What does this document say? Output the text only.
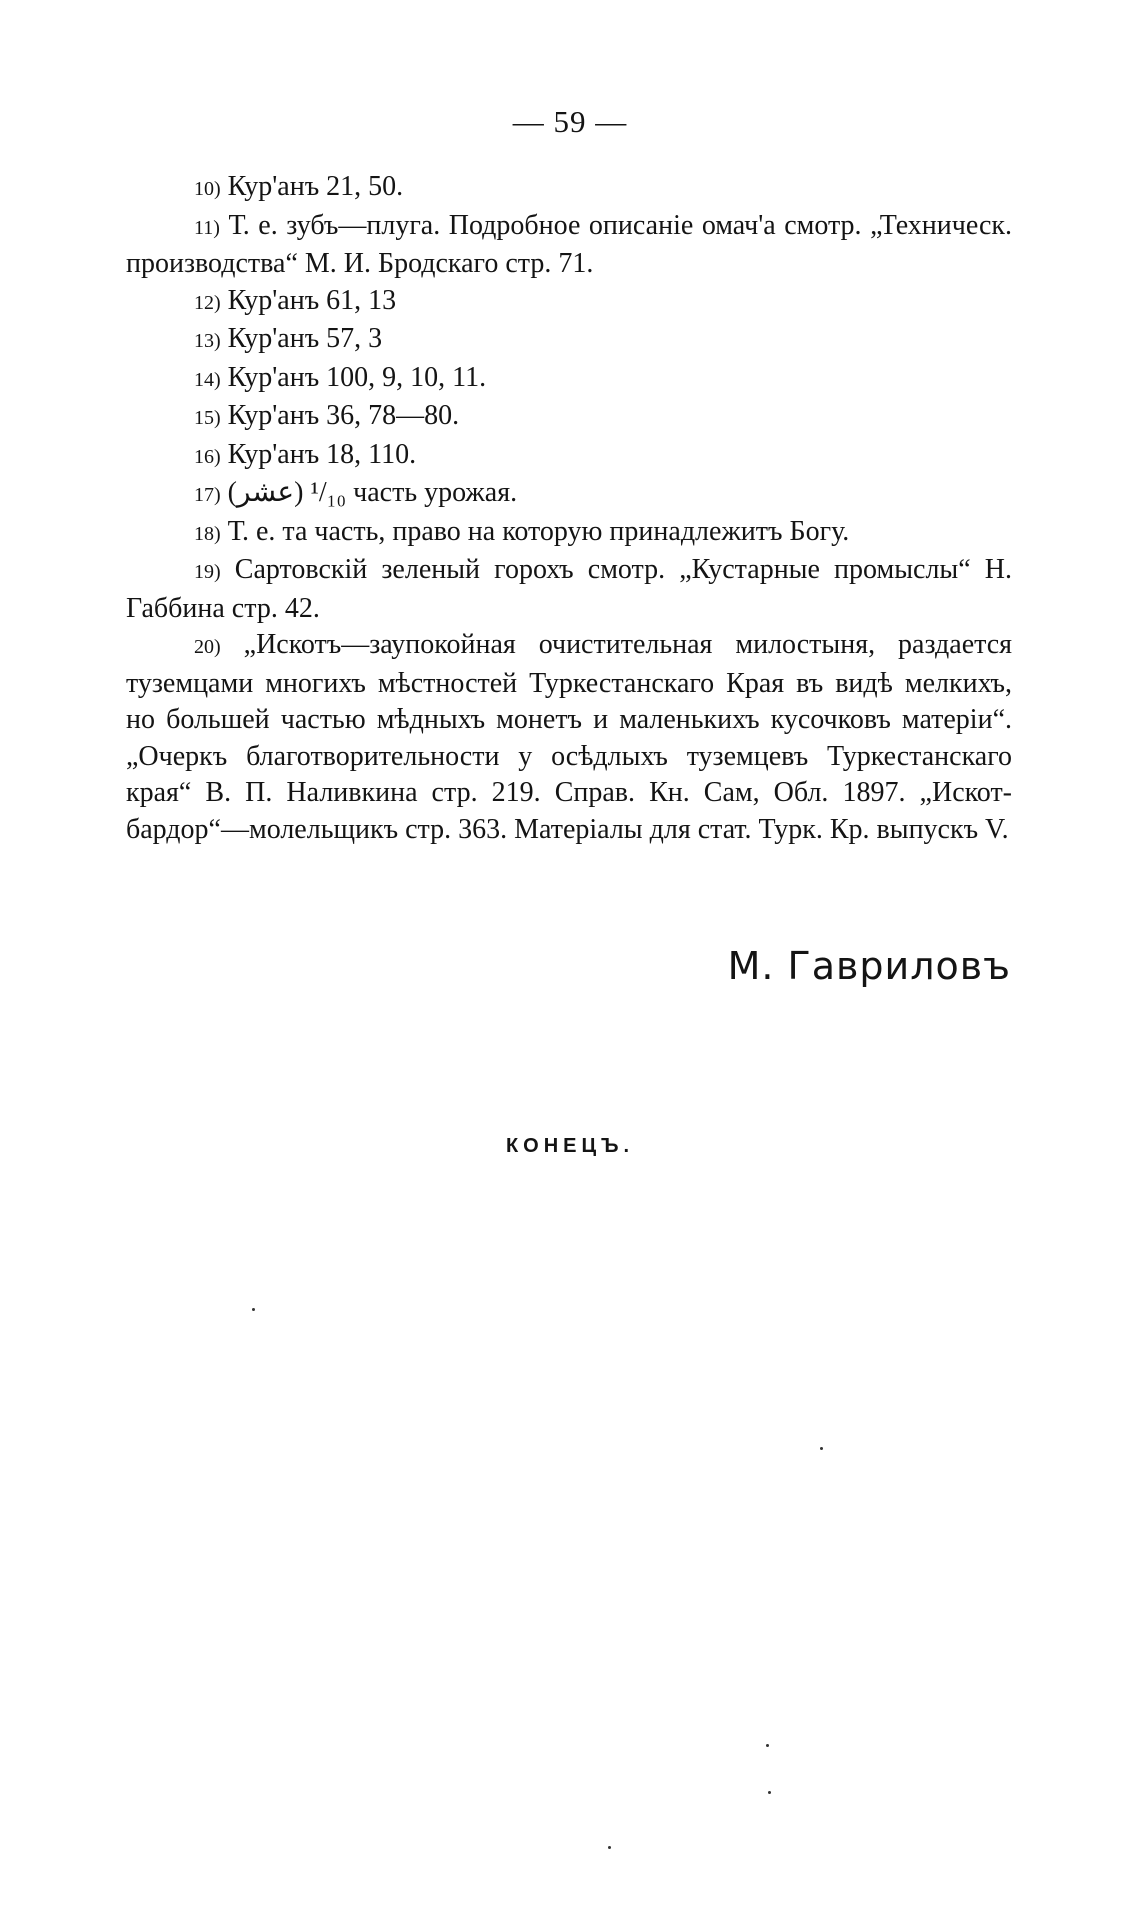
— 59 —

10) Кур'анъ 21, 50.

11) Т. е. зубъ—плуга. Подробное описаніе омач'а смотр. „Техническ. производства“ М. И. Бродскаго стр. 71.

12) Кур'анъ 61, 13

13) Кур'анъ 57, 3

14) Кур'анъ 100, 9, 10, 11.

15) Кур'анъ 36, 78—80.

16) Кур'анъ 18, 110.

17) (عشر) ¹/₁₀ часть урожая.

18) Т. е. та часть, право на которую принадлежитъ Богу.

19) Сартовскій зеленый горохъ смотр. „Кустарные промыслы“ Н. Габбина стр. 42.

20) „Искотъ—заупокойная очистительная милостыня, раздается туземцами многихъ мѣстностей Туркестанскаго Края въ видѣ мелкихъ, но большей частью мѣдныхъ монетъ и маленькихъ кусочковъ матеріи“. „Очеркъ благотворительности у осѣдлыхъ туземцевъ Туркестанскаго края“ В. П. Наливкина стр. 219. Справ. Кн. Сам, Обл. 1897. „Искот-бардор“—молельщикъ стр. 363. Матеріалы для стат. Турк. Кр. выпускъ V.

М. Гавриловъ
КОНЕЦЪ.
